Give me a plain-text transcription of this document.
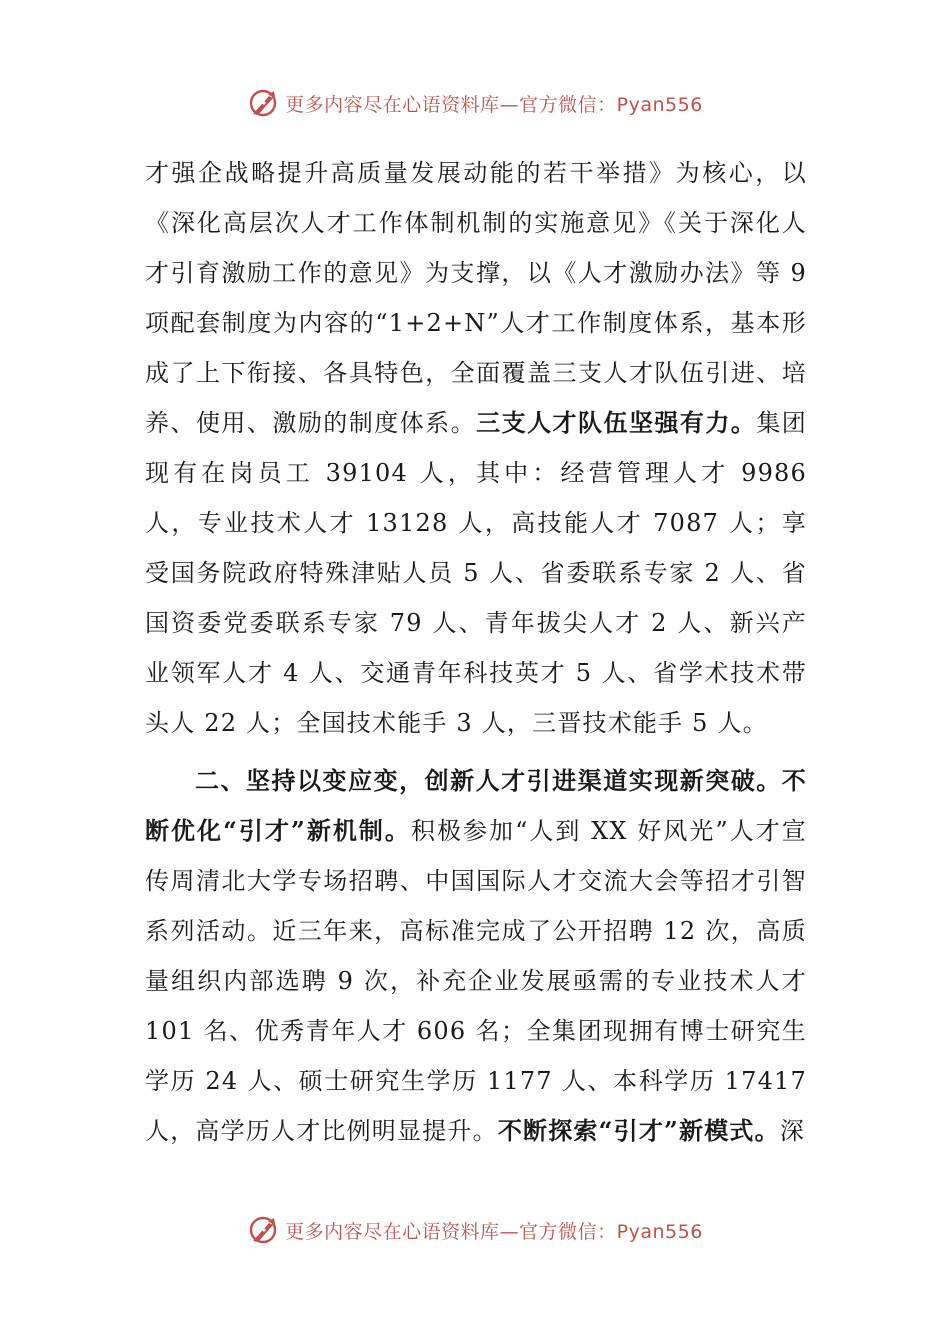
更多内容尽在心语资料库—官方微信：Pyan556

才强企战略提升高质量发展动能的若干举措》为核心，以《深化高层次人才工作体制机制的实施意见》《关于深化人才引育激励工作的意见》为支撑，以《人才激励办法》等 9 项配套制度为内容的“1+2+N”人才工作制度体系，基本形成了上下衔接、各具特色，全面覆盖三支人才队伍引进、培养、使用、激励的制度体系。三支人才队伍坚强有力。集团现有在岗员工 39104 人，其中：经营管理人才 9986 人，专业技术人才 13128 人，高技能人才 7087 人；享受国务院政府特殊津贴人员 5 人、省委联系专家 2 人、省国资委党委联系专家 79 人、青年拔尖人才 2 人、新兴产业领军人才 4 人、交通青年科技英才 5 人、省学术技术带头人 22 人；全国技术能手 3 人，三晋技术能手 5 人。

二、坚持以变应变，创新人才引进渠道实现新突破。不断优化“引才”新机制。积极参加“人到 XX 好风光”人才宣传周清北大学专场招聘、中国国际人才交流大会等招才引智系列活动。近三年来，高标准完成了公开招聘 12 次，高质量组织内部选聘 9 次，补充企业发展亟需的专业技术人才 101 名、优秀青年人才 606 名；全集团现拥有博士研究生学历 24 人、硕士研究生学历 1177 人、本科学历 17417 人，高学历人才比例明显提升。不断探索“引才”新模式。深

更多内容尽在心语资料库—官方微信：Pyan556
